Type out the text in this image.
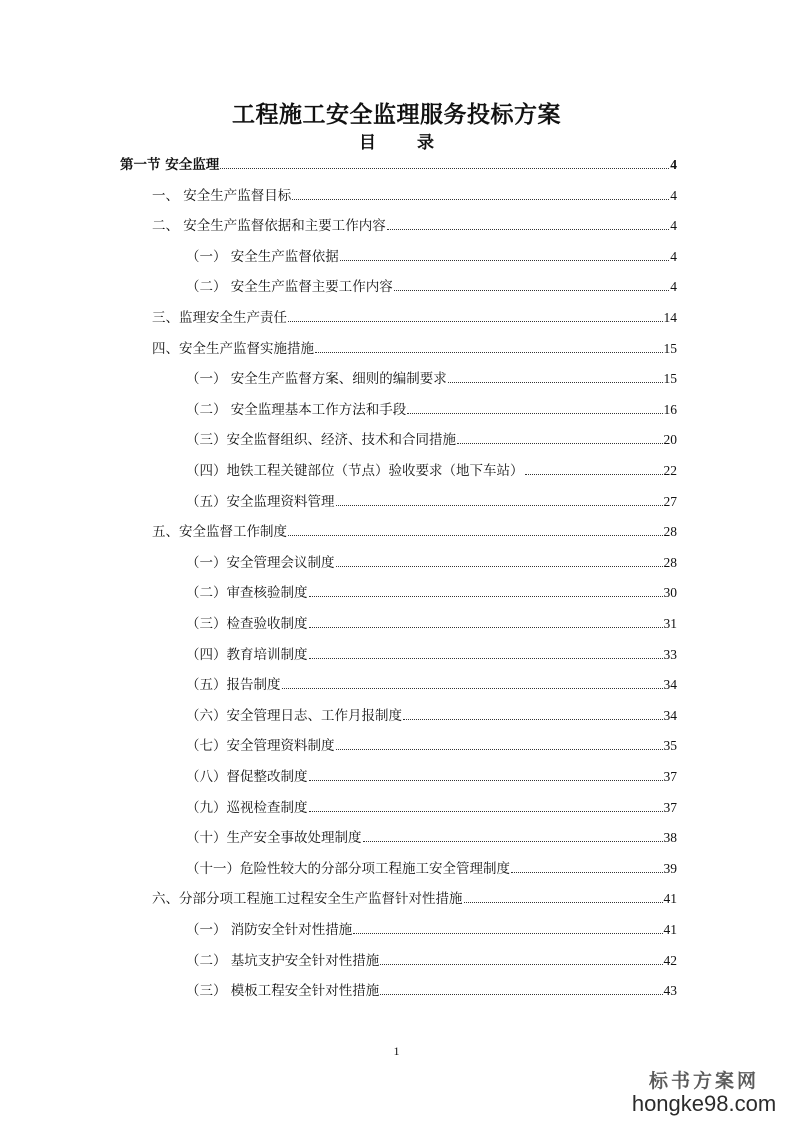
工程施工安全监理服务投标方案
目　录
第一节 安全监理	4
一、 安全生产监督目标	4
二、 安全生产监督依据和主要工作内容	4
（一） 安全生产监督依据	4
（二） 安全生产监督主要工作内容	4
三、监理安全生产责任	14
四、安全生产监督实施措施	15
（一） 安全生产监督方案、细则的编制要求	15
（二） 安全监理基本工作方法和手段	16
（三）安全监督组织、经济、技术和合同措施	20
（四）地铁工程关键部位（节点）验收要求（地下车站）	22
（五）安全监理资料管理	27
五、安全监督工作制度	28
（一）安全管理会议制度	28
（二）审查核验制度	30
（三）检查验收制度	31
（四）教育培训制度	33
（五）报告制度	34
（六）安全管理日志、工作月报制度	34
（七）安全管理资料制度	35
（八）督促整改制度	37
（九）巡视检查制度	37
（十）生产安全事故处理制度	38
（十一）危险性较大的分部分项工程施工安全管理制度	39
六、分部分项工程施工过程安全生产监督针对性措施	41
（一） 消防安全针对性措施	41
（二） 基坑支护安全针对性措施	42
（三） 模板工程安全针对性措施	43
1
标书方案网
hongke98.com
